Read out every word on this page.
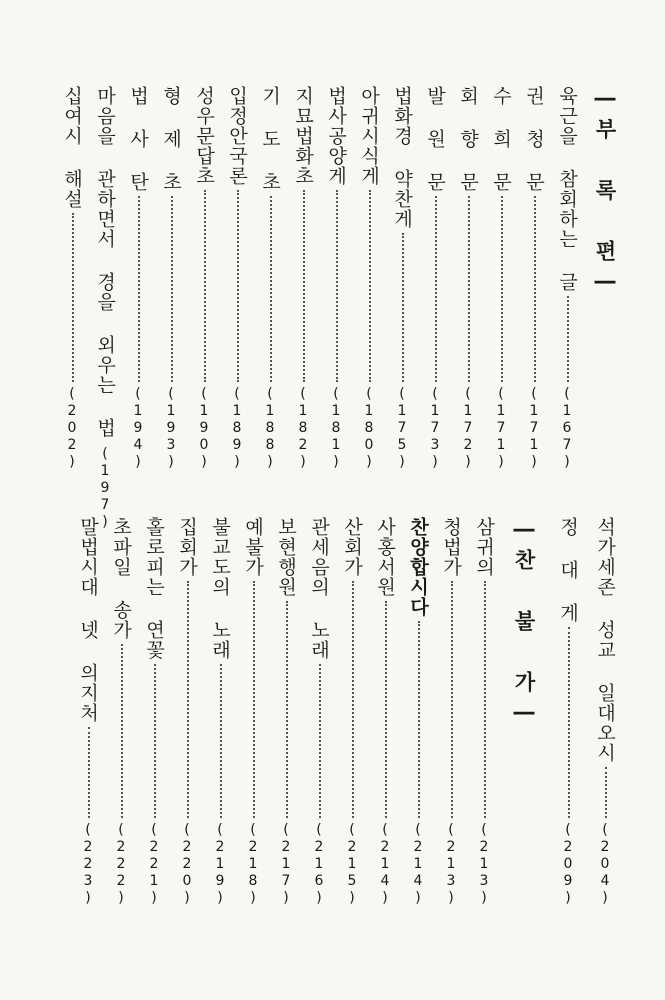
―부 록 편―
육근을 참회하는 글
(167)
권 청 문
(171)
수 희 문
(171)
회 향 문
(172)
발 원 문
(173)
법화경 약찬게
(175)
아귀시식게
(180)
법사공양게
(181)
지묘법화초
(182)
기 도 초
(188)
입정안국론
(189)
성우문답초
(190)
형 제 초
(193)
법 사 탄
(194)
마음을 관하면서 경을 외우는 법
(197)
십여시 해설
(202)
석가세존 성교 일대오시
(204)
정 대 게
(209)
―찬 불 가―
삼귀의
(213)
청법가
(213)
찬양합시다
(214)
사홍서원
(214)
산회가
(215)
관세음의 노래
(216)
보현행원
(217)
예불가
(218)
불교도의 노래
(219)
집회가
(220)
홀로피는 연꽃
(221)
초파일 송가
(222)
말법시대 넷 의지처
(223)
